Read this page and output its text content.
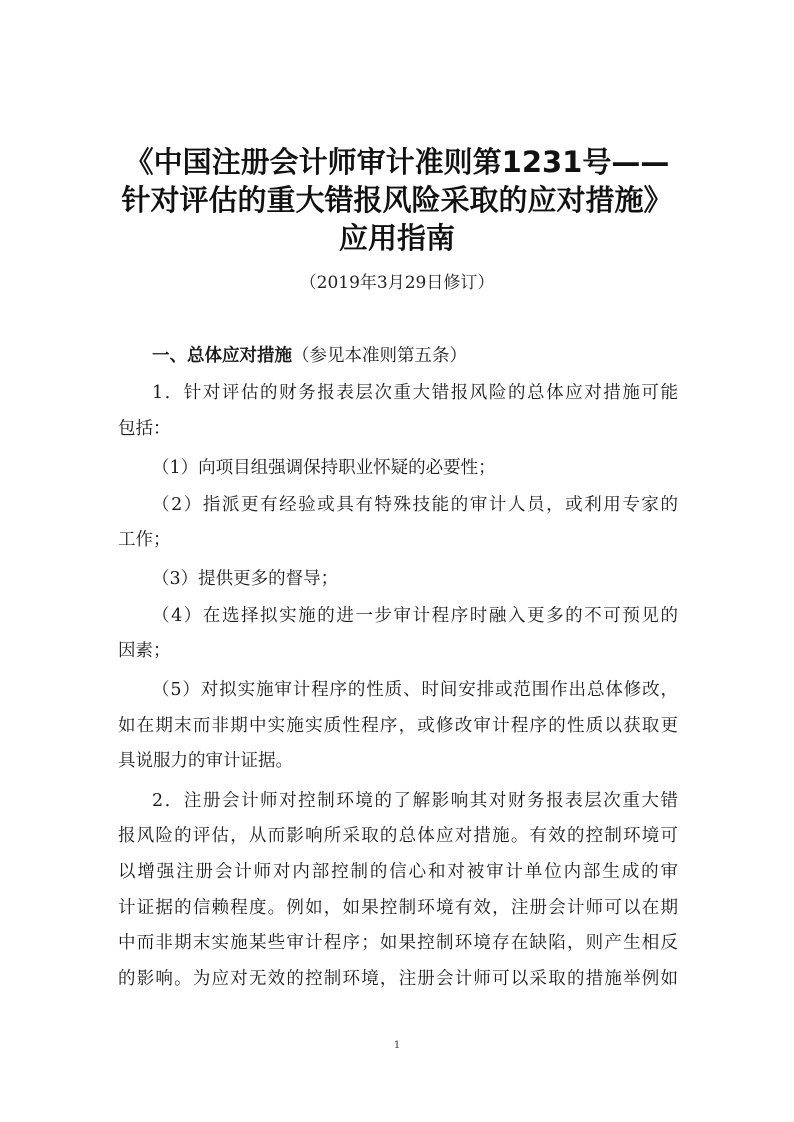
《中国注册会计师审计准则第1231号——
针对评估的重大错报风险采取的应对措施》
应用指南
（2019年3月29日修订）
一、总体应对措施（参见本准则第五条）
1．针对评估的财务报表层次重大错报风险的总体应对措施可能
包括：
（1）向项目组强调保持职业怀疑的必要性；
（2）指派更有经验或具有特殊技能的审计人员，或利用专家的
工作；
（3）提供更多的督导；
（4）在选择拟实施的进一步审计程序时融入更多的不可预见的
因素；
（5）对拟实施审计程序的性质、时间安排或范围作出总体修改，
如在期末而非期中实施实质性程序，或修改审计程序的性质以获取更
具说服力的审计证据。
2．注册会计师对控制环境的了解影响其对财务报表层次重大错
报风险的评估，从而影响所采取的总体应对措施。有效的控制环境可
以增强注册会计师对内部控制的信心和对被审计单位内部生成的审
计证据的信赖程度。例如，如果控制环境有效，注册会计师可以在期
中而非期末实施某些审计程序；如果控制环境存在缺陷，则产生相反
的影响。为应对无效的控制环境，注册会计师可以采取的措施举例如
1
